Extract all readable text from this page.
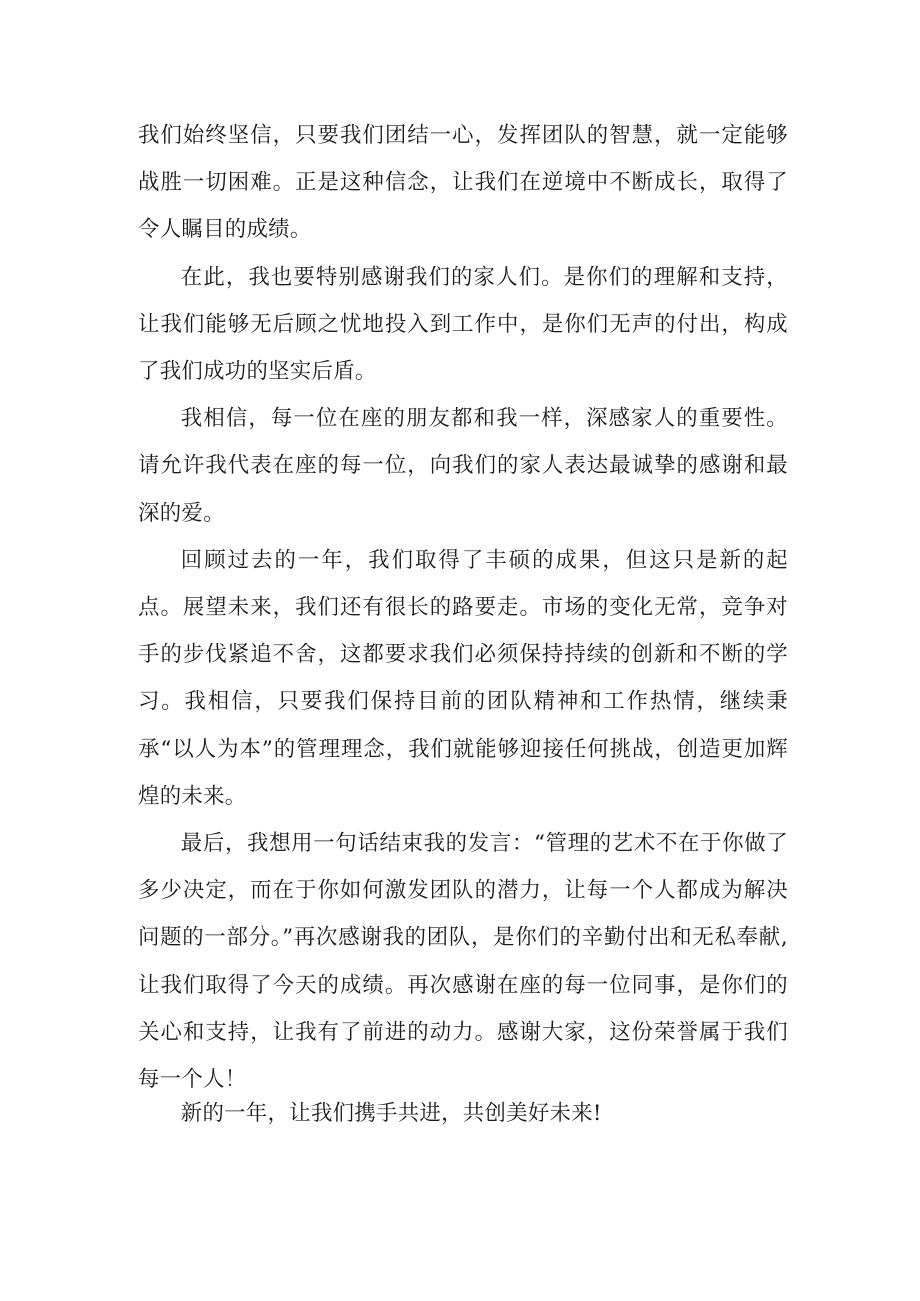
我们始终坚信，只要我们团结一心，发挥团队的智慧，就一定能够战胜一切困难。正是这种信念，让我们在逆境中不断成长，取得了令人瞩目的成绩。

在此，我也要特别感谢我们的家人们。是你们的理解和支持，让我们能够无后顾之忧地投入到工作中，是你们无声的付出，构成了我们成功的坚实后盾。

我相信，每一位在座的朋友都和我一样，深感家人的重要性。请允许我代表在座的每一位，向我们的家人表达最诚挚的感谢和最深的爱。

回顾过去的一年，我们取得了丰硕的成果，但这只是新的起点。展望未来，我们还有很长的路要走。市场的变化无常，竞争对手的步伐紧追不舍，这都要求我们必须保持持续的创新和不断的学习。我相信，只要我们保持目前的团队精神和工作热情，继续秉承“以人为本”的管理理念，我们就能够迎接任何挑战，创造更加辉煌的未来。

最后，我想用一句话结束我的发言：“管理的艺术不在于你做了多少决定，而在于你如何激发团队的潜力，让每一个人都成为解决问题的一部分。”再次感谢我的团队，是你们的辛勤付出和无私奉献,让我们取得了今天的成绩。再次感谢在座的每一位同事，是你们的关心和支持，让我有了前进的动力。感谢大家，这份荣誉属于我们每一个人！

新的一年，让我们携手共进，共创美好未来!
